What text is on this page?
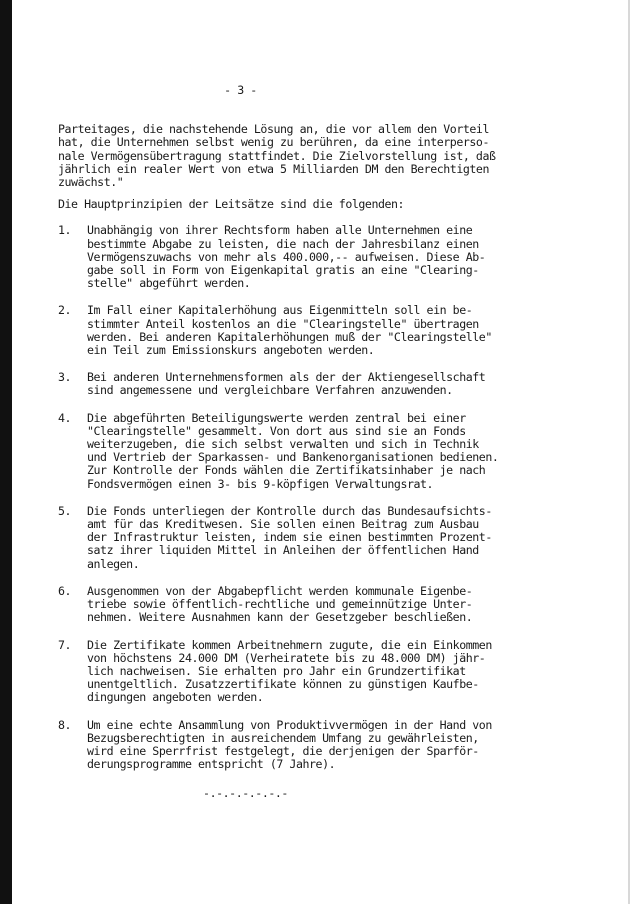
- 3 -
Parteitages, die nachstehende Lösung an, die vor allem den Vorteil
hat, die Unternehmen selbst wenig zu berühren, da eine interperso-
nale Vermögensübertragung stattfindet. Die Zielvorstellung ist, daß
jährlich ein realer Wert von etwa 5 Milliarden DM den Berechtigten
zuwächst."
Die Hauptprinzipien der Leitsätze sind die folgenden:
1.	Unabhängig von ihrer Rechtsform haben alle Unternehmen eine
bestimmte Abgabe zu leisten, die nach der Jahresbilanz einen
Vermögenszuwachs von mehr als 400.000,-- aufweisen. Diese Ab-
gabe soll in Form von Eigenkapital gratis an eine "Clearing-
stelle" abgeführt werden.
2.	Im Fall einer Kapitalerhöhung aus Eigenmitteln soll ein be-
stimmter Anteil kostenlos an die "Clearingstelle" übertragen
werden. Bei anderen Kapitalerhöhungen muß der "Clearingstelle"
ein Teil zum Emissionskurs angeboten werden.
3.	Bei anderen Unternehmensformen als der der Aktiengesellschaft
sind angemessene und vergleichbare Verfahren anzuwenden.
4.	Die abgeführten Beteiligungswerte werden zentral bei einer
"Clearingstelle" gesammelt. Von dort aus sind sie an Fonds
weiterzugeben, die sich selbst verwalten und sich in Technik
und Vertrieb der Sparkassen- und Bankenorganisationen bedienen.
Zur Kontrolle der Fonds wählen die Zertifikatsinhaber je nach
Fondsvermögen einen 3- bis 9-köpfigen Verwaltungsrat.
5.	Die Fonds unterliegen der Kontrolle durch das Bundesaufsichts-
amt für das Kreditwesen. Sie sollen einen Beitrag zum Ausbau
der Infrastruktur leisten, indem sie einen bestimmten Prozent-
satz ihrer liquiden Mittel in Anleihen der öffentlichen Hand
anlegen.
6.	Ausgenommen von der Abgabepflicht werden kommunale Eigenbe-
triebe sowie öffentlich-rechtliche und gemeinnützige Unter-
nehmen. Weitere Ausnahmen kann der Gesetzgeber beschließen.
7.	Die Zertifikate kommen Arbeitnehmern zugute, die ein Einkommen
von höchstens 24.000 DM (Verheiratete bis zu 48.000 DM) jähr-
lich nachweisen. Sie erhalten pro Jahr ein Grundzertifikat
unentgeltlich. Zusatzzertifikate können zu günstigen Kaufbe-
dingungen angeboten werden.
8.	Um eine echte Ansammlung von Produktivvermögen in der Hand von
Bezugsberechtigten in ausreichendem Umfang zu gewährleisten,
wird eine Sperrfrist festgelegt, die derjenigen der Sparför-
derungsprogramme entspricht (7 Jahre).
-.-.-.-.-.-.-
